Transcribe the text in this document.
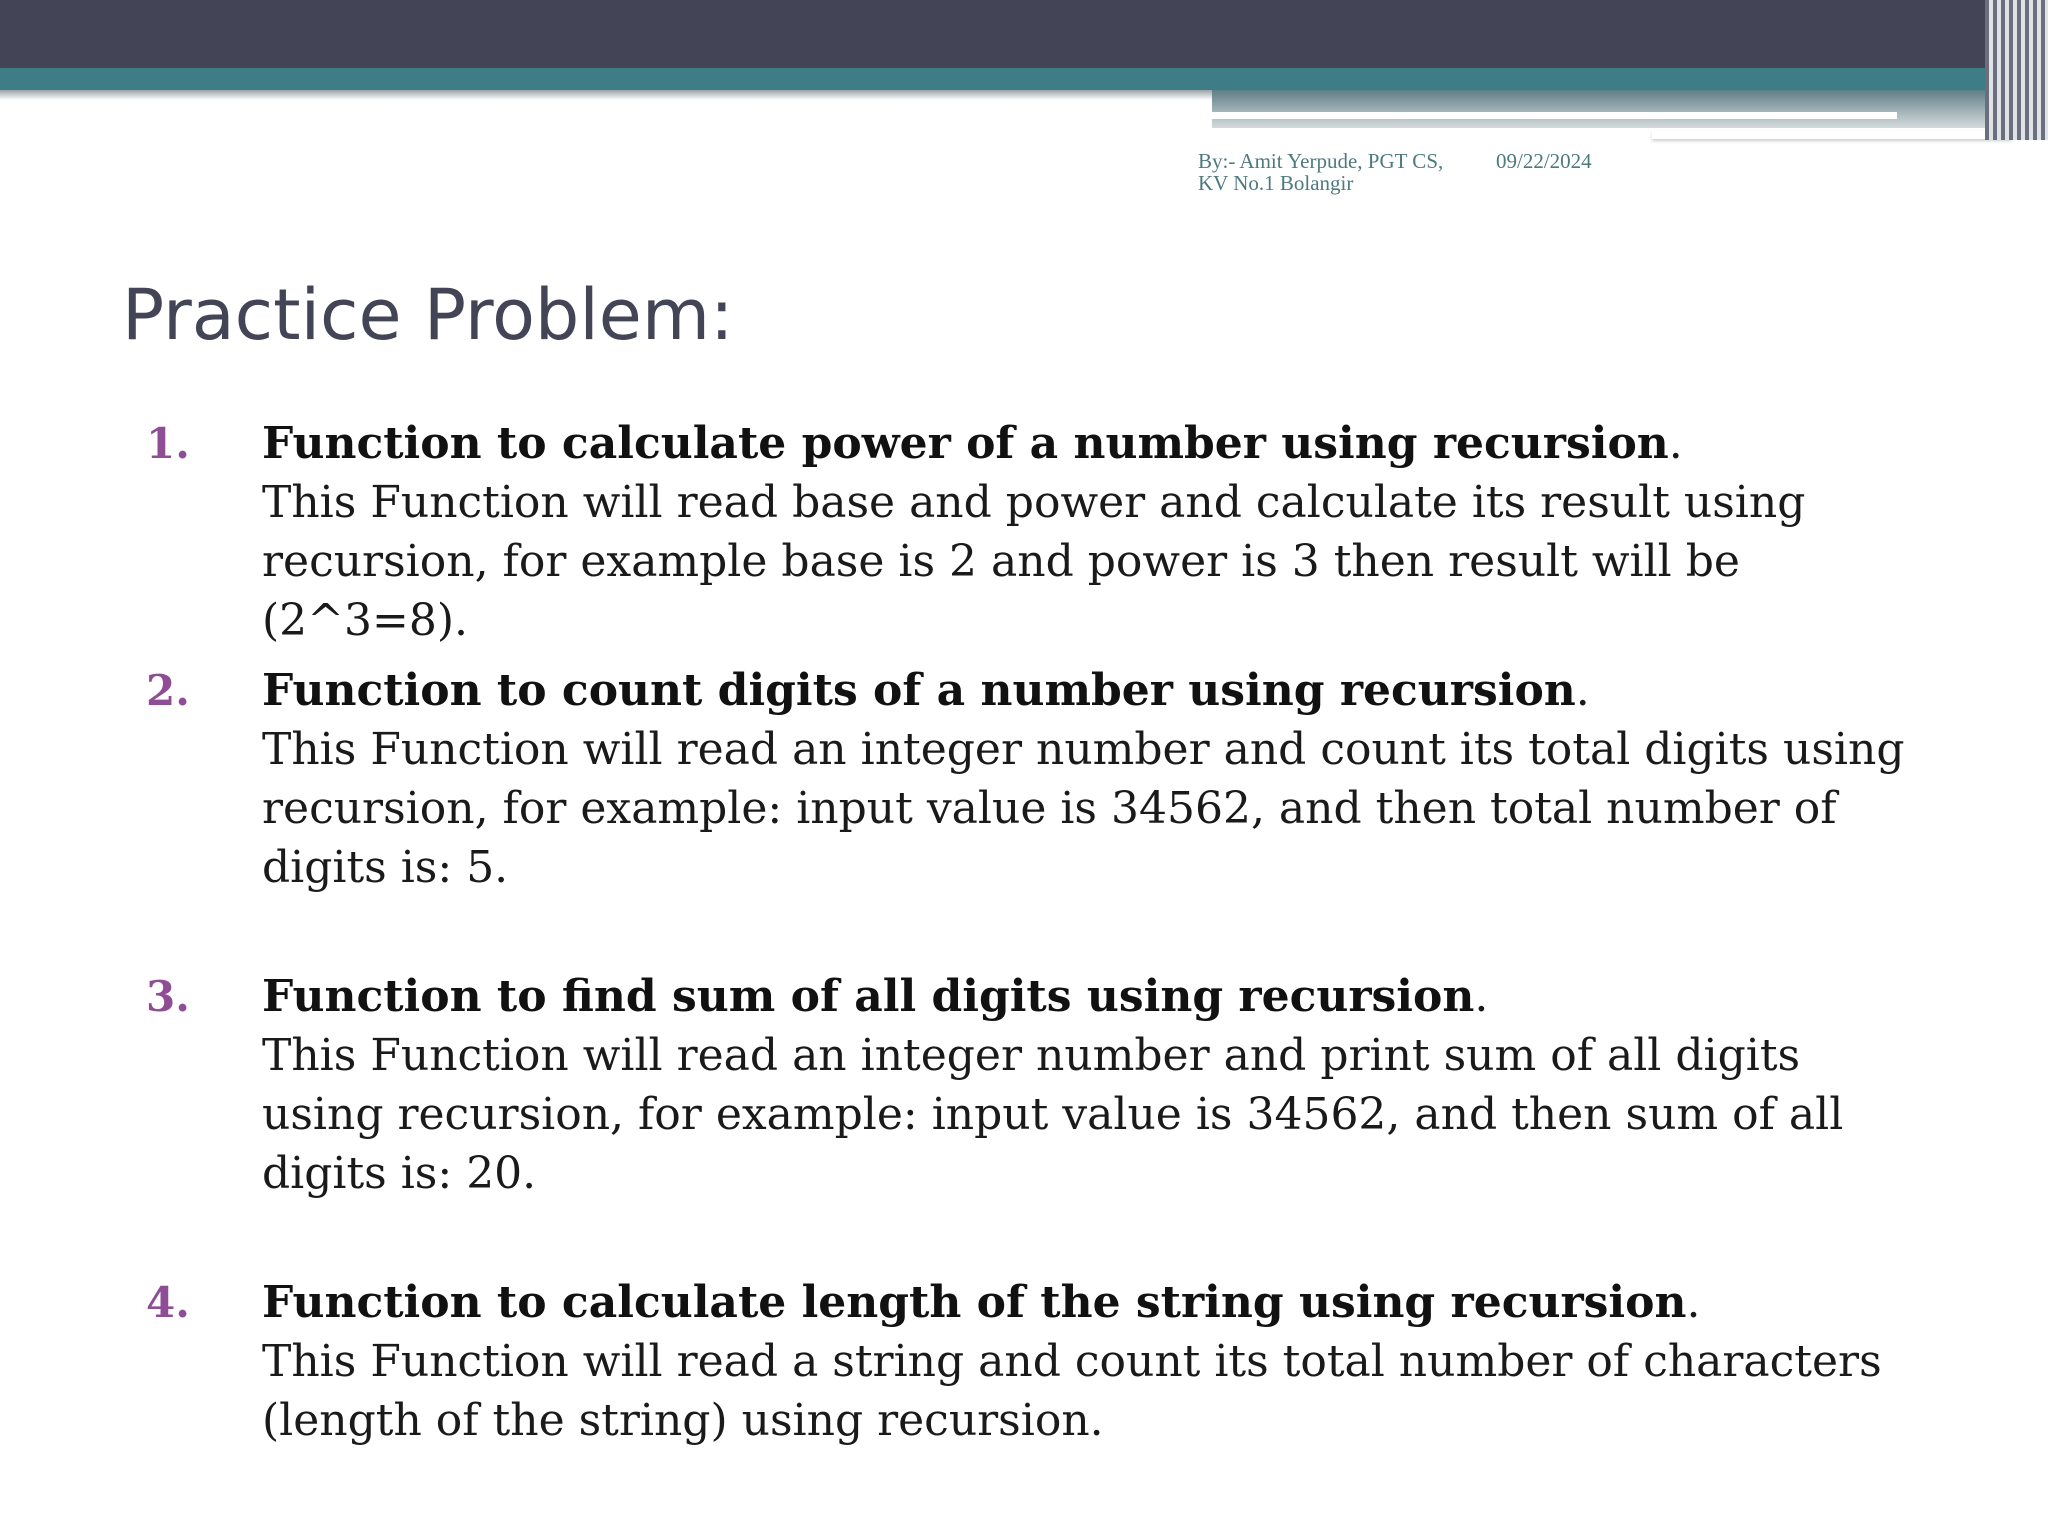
By:- Amit Yerpude, PGT CS, KV No.1 Bolangir
09/22/2024
Practice Problem:
1. Function to calculate power of a number using recursion.
This Function will read base and power and calculate its result using recursion, for example base is 2 and power is 3 then result will be (2^3=8).
2. Function to count digits of a number using recursion.
This Function will read an integer number and count its total digits using recursion, for example: input value is 34562, and then total number of digits is: 5.
3. Function to find sum of all digits using recursion.
This Function will read an integer number and print sum of all digits using recursion, for example: input value is 34562, and then sum of all digits is: 20.
4. Function to calculate length of the string using recursion.
This Function will read a string and count its total number of characters (length of the string) using recursion.
